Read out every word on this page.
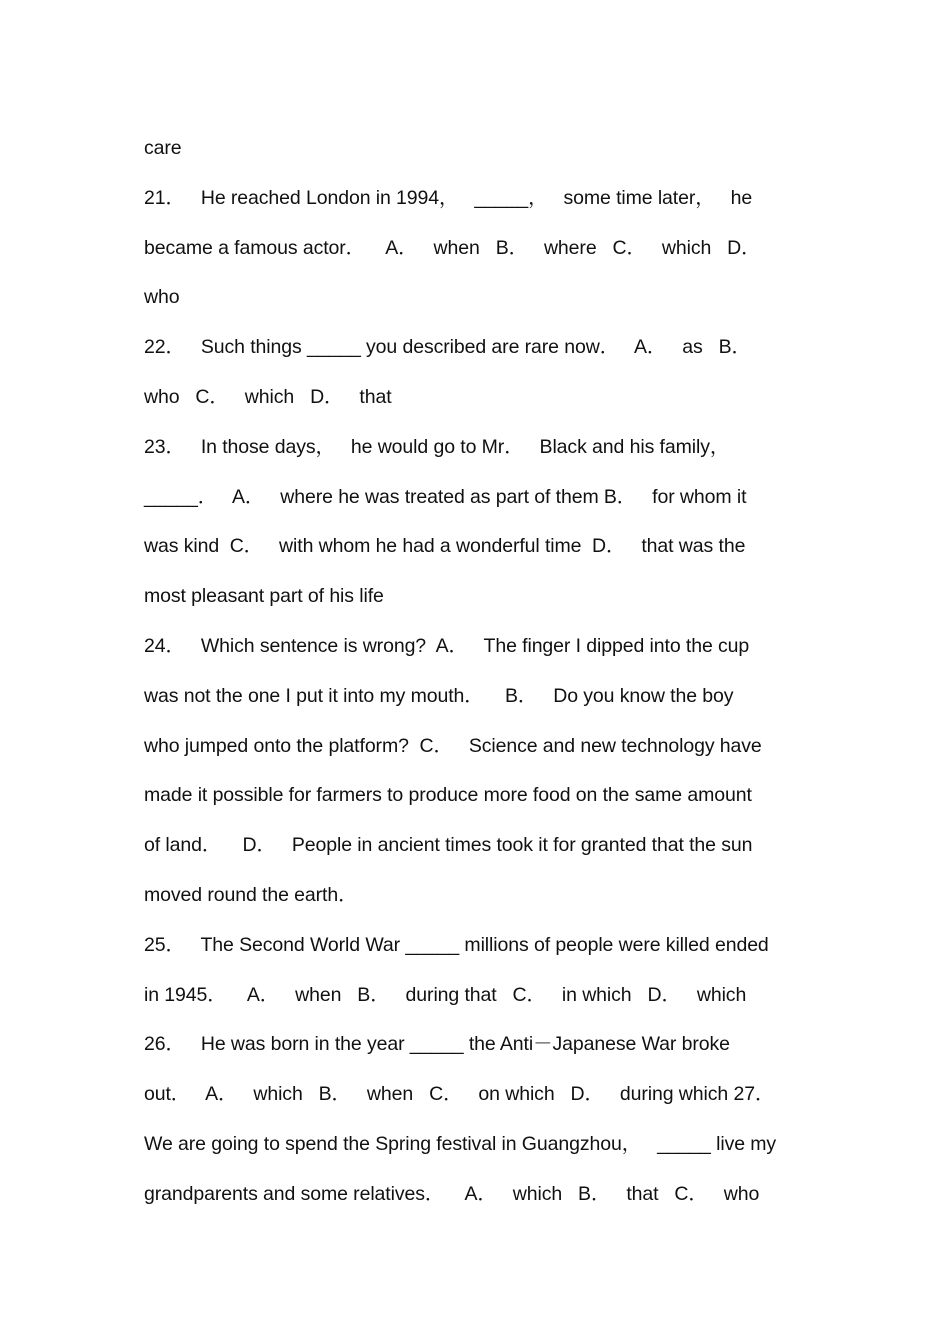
care
21．   He reached London in 1994，   _____，   some time later，   he
became a famous actor．    A．   when   B．   where   C．   which   D．
who
22．   Such things _____ you described are rare now．   A．   as   B．
who   C．   which   D．   that
23．   In those days，   he would go to Mr．   Black and his family，
_____．   A．   where he was treated as part of them B．   for whom it
was kind  C．   with whom he had a wonderful time  D．   that was the
most pleasant part of his life
24．   Which sentence is wrong?  A．   The finger I dipped into the cup
was not the one I put it into my mouth．    B．   Do you know the boy
who jumped onto the platform?  C．   Science and new technology have
made it possible for farmers to produce more food on the same amount
of land．    D．   People in ancient times took it for granted that the sun
moved round the earth．
25．   The Second World War _____ millions of people were killed ended
in 1945．    A．   when   B．   during that   C．   in which   D．   which
26．   He was born in the year _____ the Anti－Japanese War broke
out．   A．   which   B．   when   C．   on which   D．   during which 27．
We are going to spend the Spring festival in Guangzhou，   _____ live my
grandparents and some relatives．    A．   which   B．   that   C．   who
